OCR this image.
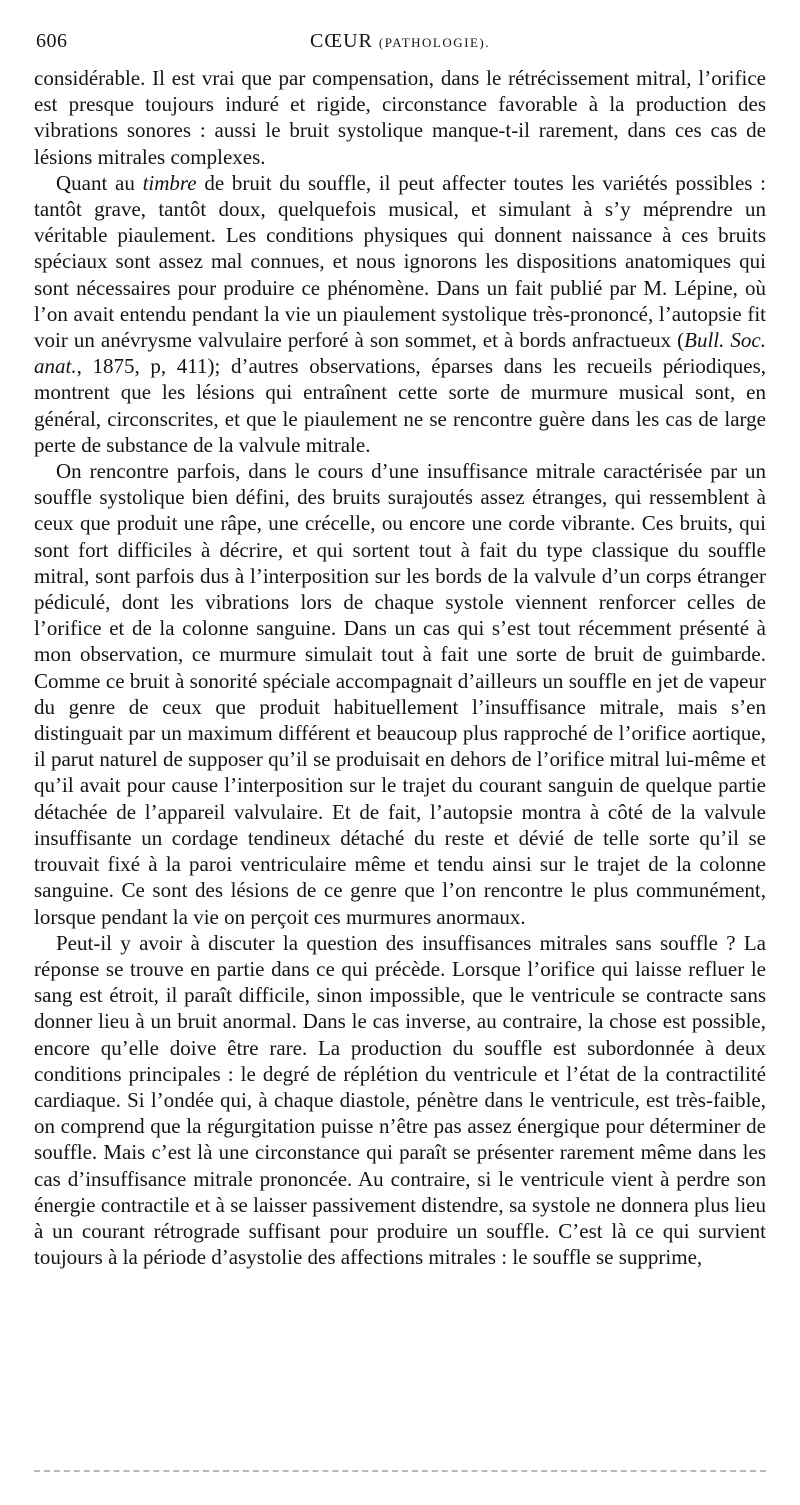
606	CŒUR (PATHOLOGIE).

considérable. Il est vrai que par compensation, dans le rétrécissement mitral, l’orifice est presque toujours induré et rigide, circonstance favorable à la production des vibrations sonores : aussi le bruit systolique manque-t-il rarement, dans ces cas de lésions mitrales complexes.

Quant au timbre de bruit du souffle, il peut affecter toutes les variétés possibles : tantôt grave, tantôt doux, quelquefois musical, et simulant à s’y méprendre un véritable piaulement. Les conditions physiques qui donnent naissance à ces bruits spéciaux sont assez mal connues, et nous ignorons les dispositions anatomiques qui sont nécessaires pour produire ce phénomène. Dans un fait publié par M. Lépine, où l’on avait entendu pendant la vie un piaulement systolique très-prononcé, l’autopsie fit voir un anévrysme valvulaire perforé à son sommet, et à bords anfractueux (Bull. Soc. anat., 1875, p, 411); d’autres observations, éparses dans les recueils périodiques, montrent que les lésions qui entraînent cette sorte de murmure musical sont, en général, circonscrites, et que le piaulement ne se rencontre guère dans les cas de large perte de substance de la valvule mitrale.

On rencontre parfois, dans le cours d’une insuffisance mitrale caractérisée par un souffle systolique bien défini, des bruits surajoutés assez étranges, qui ressemblent à ceux que produit une râpe, une crécelle, ou encore une corde vibrante. Ces bruits, qui sont fort difficiles à décrire, et qui sortent tout à fait du type classique du souffle mitral, sont parfois dus à l’interposition sur les bords de la valvule d’un corps étranger pédiculé, dont les vibrations lors de chaque systole viennent renforcer celles de l’orifice et de la colonne sanguine. Dans un cas qui s’est tout récemment présenté à mon observation, ce murmure simulait tout à fait une sorte de bruit de guimbarde. Comme ce bruit à sonorité spéciale accompagnait d’ailleurs un souffle en jet de vapeur du genre de ceux que produit habituellement l’insuffisance mitrale, mais s’en distinguait par un maximum différent et beaucoup plus rapproché de l’orifice aortique, il parut naturel de supposer qu’il se produisait en dehors de l’orifice mitral lui-même et qu’il avait pour cause l’interposition sur le trajet du courant sanguin de quelque partie détachée de l’appareil valvulaire. Et de fait, l’autopsie montra à côté de la valvule insuffisante un cordage tendineux détaché du reste et dévié de telle sorte qu’il se trouvait fixé à la paroi ventriculaire même et tendu ainsi sur le trajet de la colonne sanguine. Ce sont des lésions de ce genre que l’on rencontre le plus communément, lorsque pendant la vie on perçoit ces murmures anormaux.

Peut-il y avoir à discuter la question des insuffisances mitrales sans souffle ? La réponse se trouve en partie dans ce qui précède. Lorsque l’orifice qui laisse refluer le sang est étroit, il paraît difficile, sinon impossible, que le ventricule se contracte sans donner lieu à un bruit anormal. Dans le cas inverse, au contraire, la chose est possible, encore qu’elle doive être rare. La production du souffle est subordonnée à deux conditions principales : le degré de réplétion du ventricule et l’état de la contractilité cardiaque. Si l’ondée qui, à chaque diastole, pénètre dans le ventricule, est très-faible, on comprend que la régurgitation puisse n’être pas assez énergique pour déterminer de souffle. Mais c’est là une circonstance qui paraît se présenter rarement même dans les cas d’insuffisance mitrale prononcée. Au contraire, si le ventricule vient à perdre son énergie contractile et à se laisser passivement distendre, sa systole ne donnera plus lieu à un courant rétrograde suffisant pour produire un souffle. C’est là ce qui survient toujours à la période d’asystolie des affections mitrales : le souffle se supprime,
